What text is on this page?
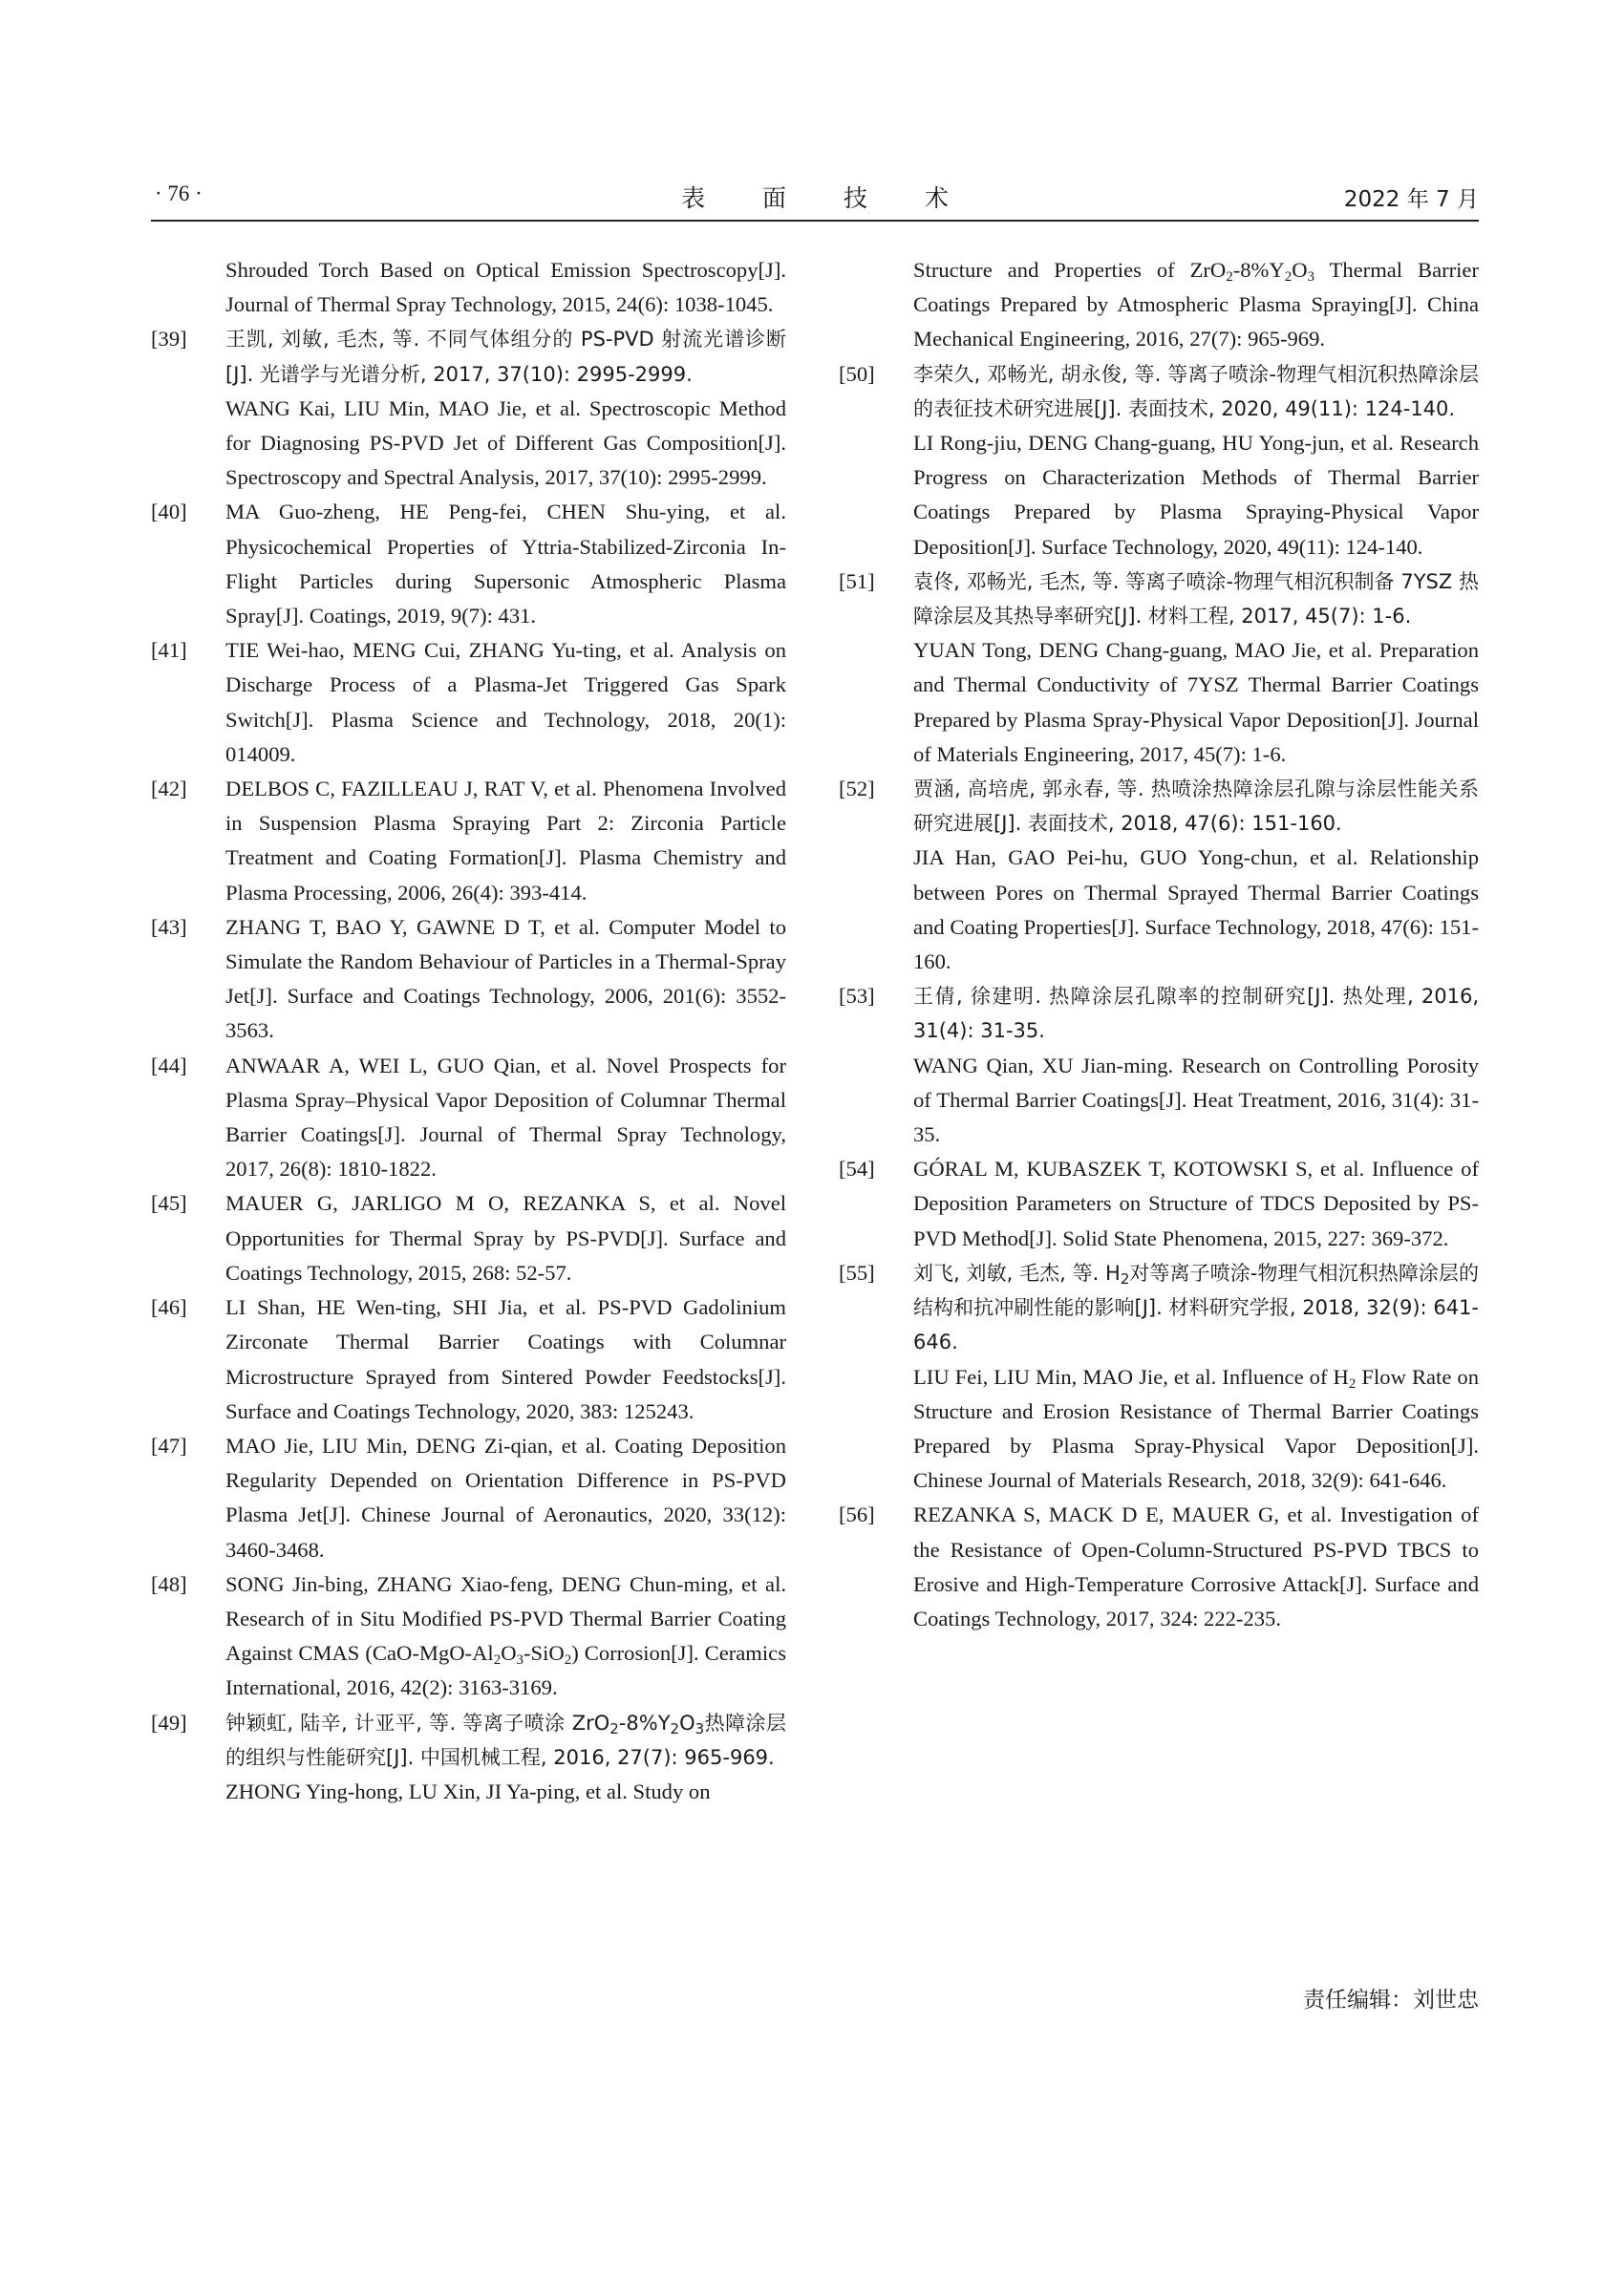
· 76 ·	表 面 技 术	2022 年 7 月
Shrouded Torch Based on Optical Emission Spectroscopy[J]. Journal of Thermal Spray Technology, 2015, 24(6): 1038-1045.
[39] 王凯, 刘敏, 毛杰, 等. 不同气体组分的 PS-PVD 射流光谱诊断[J]. 光谱学与光谱分析, 2017, 37(10): 2995-2999.
WANG Kai, LIU Min, MAO Jie, et al. Spectroscopic Method for Diagnosing PS-PVD Jet of Different Gas Composition[J]. Spectroscopy and Spectral Analysis, 2017, 37(10): 2995-2999.
[40] MA Guo-zheng, HE Peng-fei, CHEN Shu-ying, et al. Physicochemical Properties of Yttria-Stabilized-Zirconia In-Flight Particles during Supersonic Atmospheric Plasma Spray[J]. Coatings, 2019, 9(7): 431.
[41] TIE Wei-hao, MENG Cui, ZHANG Yu-ting, et al. Analysis on Discharge Process of a Plasma-Jet Triggered Gas Spark Switch[J]. Plasma Science and Technology, 2018, 20(1): 014009.
[42] DELBOS C, FAZILLEAU J, RAT V, et al. Phenomena Involved in Suspension Plasma Spraying Part 2: Zirconia Particle Treatment and Coating Formation[J]. Plasma Chemistry and Plasma Processing, 2006, 26(4): 393-414.
[43] ZHANG T, BAO Y, GAWNE D T, et al. Computer Model to Simulate the Random Behaviour of Particles in a Thermal-Spray Jet[J]. Surface and Coatings Technology, 2006, 201(6): 3552-3563.
[44] ANWAAR A, WEI L, GUO Qian, et al. Novel Prospects for Plasma Spray–Physical Vapor Deposition of Columnar Thermal Barrier Coatings[J]. Journal of Thermal Spray Technology, 2017, 26(8): 1810-1822.
[45] MAUER G, JARLIGO M O, REZANKA S, et al. Novel Opportunities for Thermal Spray by PS-PVD[J]. Surface and Coatings Technology, 2015, 268: 52-57.
[46] LI Shan, HE Wen-ting, SHI Jia, et al. PS-PVD Gadolinium Zirconate Thermal Barrier Coatings with Columnar Microstructure Sprayed from Sintered Powder Feedstocks[J]. Surface and Coatings Technology, 2020, 383: 125243.
[47] MAO Jie, LIU Min, DENG Zi-qian, et al. Coating Deposition Regularity Depended on Orientation Difference in PS-PVD Plasma Jet[J]. Chinese Journal of Aeronautics, 2020, 33(12): 3460-3468.
[48] SONG Jin-bing, ZHANG Xiao-feng, DENG Chun-ming, et al. Research of in Situ Modified PS-PVD Thermal Barrier Coating Against CMAS $(CaO-MgO-Al_2O_3-SiO_2)$ Corrosion[J]. Ceramics International, 2016, 42(2): 3163-3169.
[49] 钟颖虹, 陆辛, 计亚平, 等. 等离子喷涂 $ZrO_2-8\%Y_2O_3$热障涂层的组织与性能研究[J]. 中国机械工程, 2016, 27(7): 965-969.
ZHONG Ying-hong, LU Xin, JI Ya-ping, et al. Study on
Structure and Properties of $ZrO_2-8\%Y_2O_3$ Thermal Barrier Coatings Prepared by Atmospheric Plasma Spraying[J]. China Mechanical Engineering, 2016, 27(7): 965-969.
[50] 李荣久, 邓畅光, 胡永俊, 等. 等离子喷涂-物理气相沉积热障涂层的表征技术研究进展[J]. 表面技术, 2020, 49(11): 124-140.
LI Rong-jiu, DENG Chang-guang, HU Yong-jun, et al. Research Progress on Characterization Methods of Thermal Barrier Coatings Prepared by Plasma Spraying-Physical Vapor Deposition[J]. Surface Technology, 2020, 49(11): 124-140.
[51] 袁佟, 邓畅光, 毛杰, 等. 等离子喷涂-物理气相沉积制备 7YSZ 热障涂层及其热导率研究[J]. 材料工程, 2017, 45(7): 1-6.
YUAN Tong, DENG Chang-guang, MAO Jie, et al. Preparation and Thermal Conductivity of 7YSZ Thermal Barrier Coatings Prepared by Plasma Spray-Physical Vapor Deposition[J]. Journal of Materials Engineering, 2017, 45(7): 1-6.
[52] 贾涵, 高培虎, 郭永春, 等. 热喷涂热障涂层孔隙与涂层性能关系研究进展[J]. 表面技术, 2018, 47(6): 151-160.
JIA Han, GAO Pei-hu, GUO Yong-chun, et al. Relationship between Pores on Thermal Sprayed Thermal Barrier Coatings and Coating Properties[J]. Surface Technology, 2018, 47(6): 151-160.
[53] 王倩, 徐建明. 热障涂层孔隙率的控制研究[J]. 热处理, 2016, 31(4): 31-35.
WANG Qian, XU Jian-ming. Research on Controlling Porosity of Thermal Barrier Coatings[J]. Heat Treatment, 2016, 31(4): 31-35.
[54] GÓRAL M, KUBASZEK T, KOTOWSKI S, et al. Influence of Deposition Parameters on Structure of TDCS Deposited by PS-PVD Method[J]. Solid State Phenomena, 2015, 227: 369-372.
[55] 刘飞, 刘敏, 毛杰, 等. $H_2$对等离子喷涂-物理气相沉积热障涂层的结构和抗冲刷性能的影响[J]. 材料研究学报, 2018, 32(9): 641-646.
LIU Fei, LIU Min, MAO Jie, et al. Influence of $H_2$ Flow Rate on Structure and Erosion Resistance of Thermal Barrier Coatings Prepared by Plasma Spray-Physical Vapor Deposition[J]. Chinese Journal of Materials Research, 2018, 32(9): 641-646.
[56] REZANKA S, MACK D E, MAUER G, et al. Investigation of the Resistance of Open-Column-Structured PS-PVD TBCS to Erosive and High-Temperature Corrosive Attack[J]. Surface and Coatings Technology, 2017, 324: 222-235.
责任编辑：刘世忠
